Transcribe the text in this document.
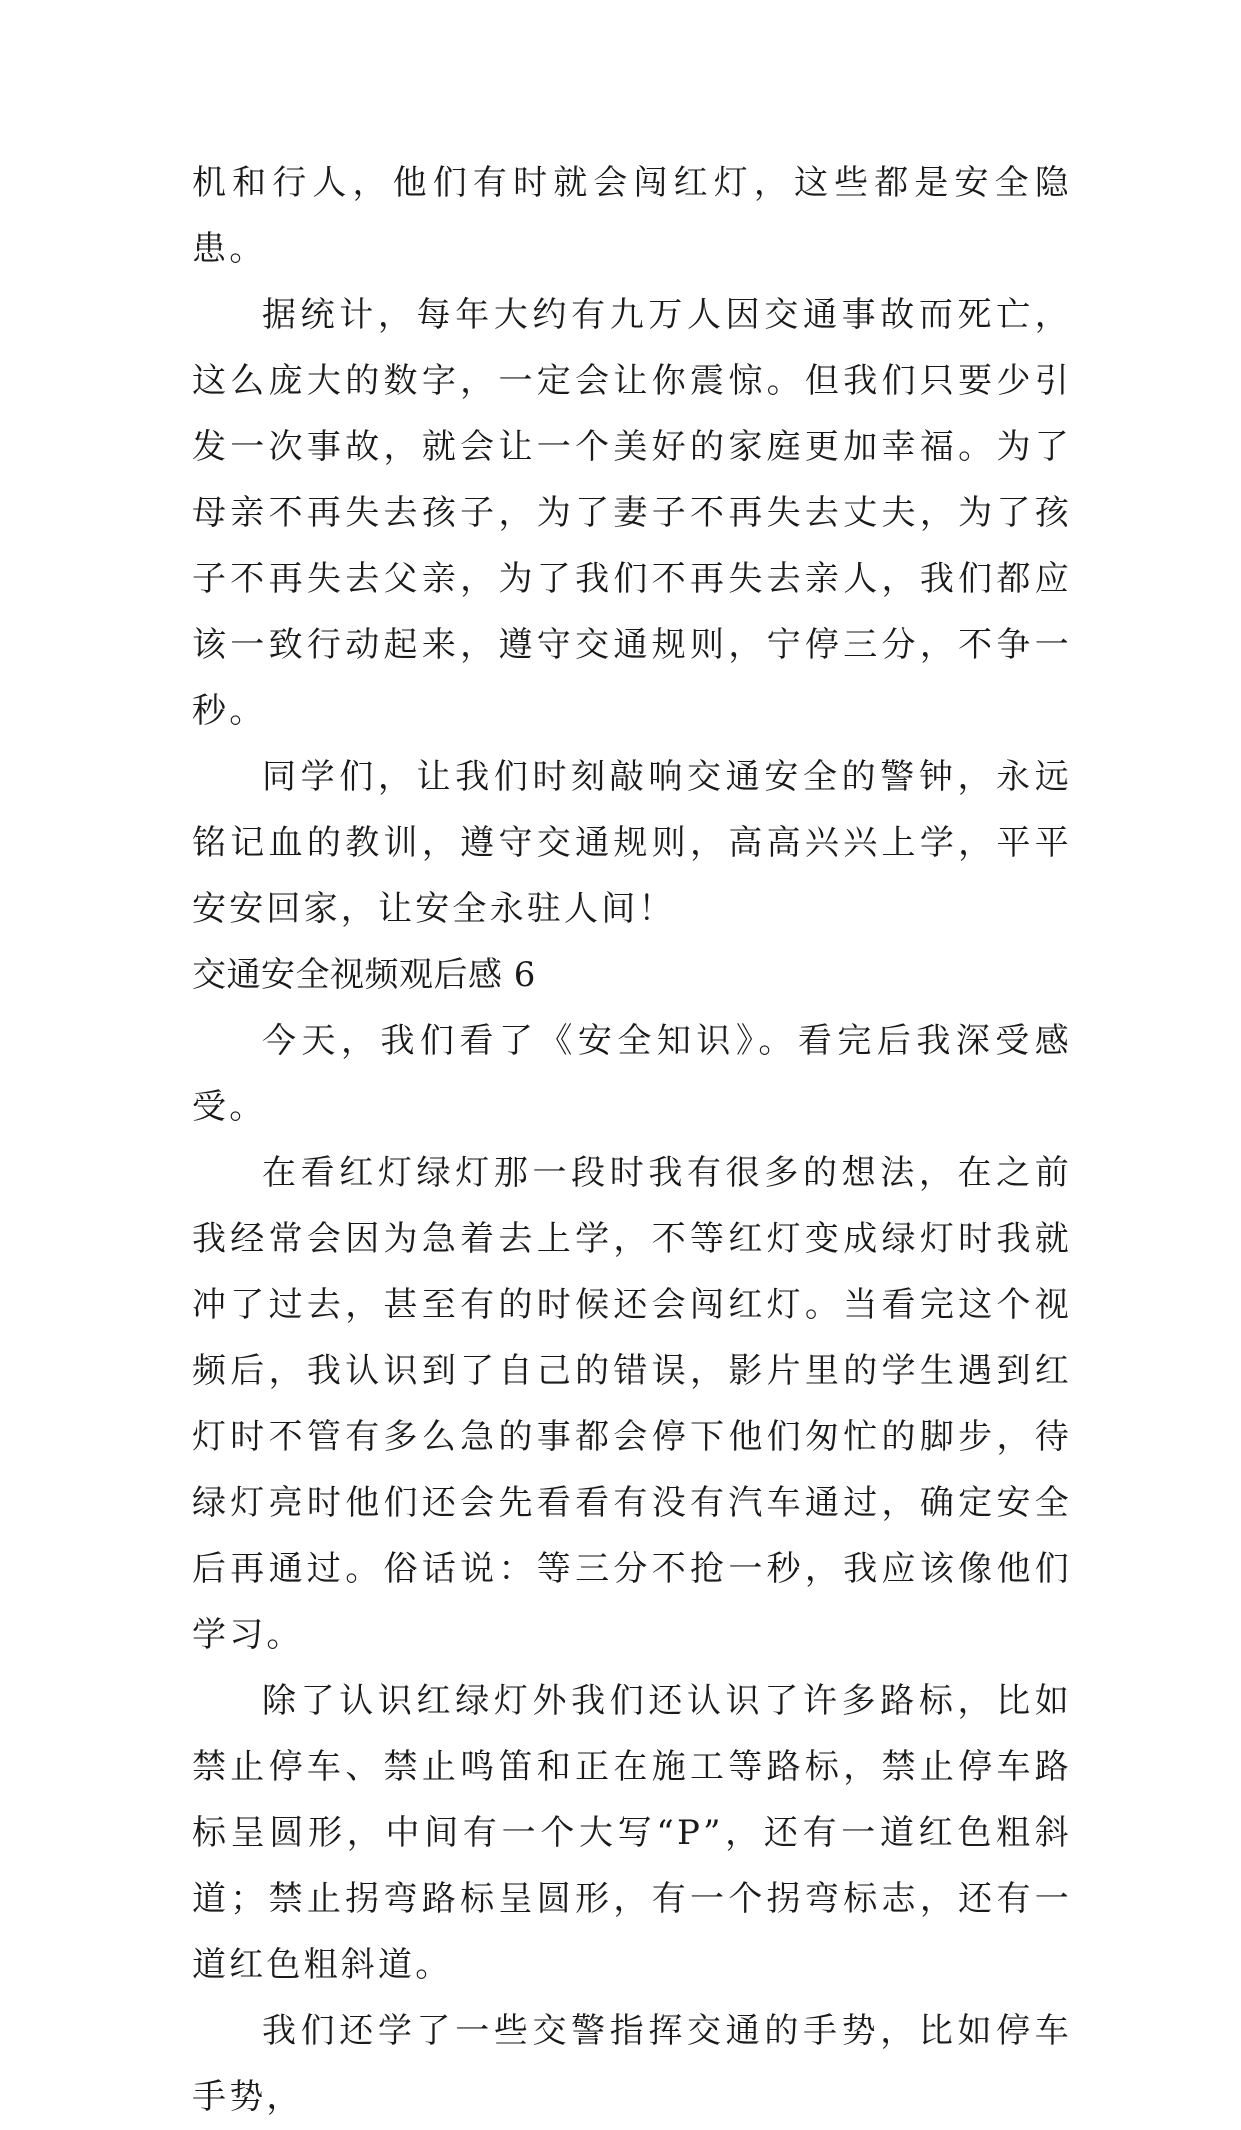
机和行人，他们有时就会闯红灯，这些都是安全隐患。

据统计，每年大约有九万人因交通事故而死亡，这么庞大的数字，一定会让你震惊。但我们只要少引发一次事故，就会让一个美好的家庭更加幸福。为了母亲不再失去孩子，为了妻子不再失去丈夫，为了孩子不再失去父亲，为了我们不再失去亲人，我们都应该一致行动起来，遵守交通规则，宁停三分，不争一秒。

同学们，让我们时刻敲响交通安全的警钟，永远铭记血的教训，遵守交通规则，高高兴兴上学，平平安安回家，让安全永驻人间！

交通安全视频观后感 6

今天，我们看了《安全知识》。看完后我深受感受。

在看红灯绿灯那一段时我有很多的想法，在之前我经常会因为急着去上学，不等红灯变成绿灯时我就冲了过去，甚至有的时候还会闯红灯。当看完这个视频后，我认识到了自己的错误，影片里的学生遇到红灯时不管有多么急的事都会停下他们匆忙的脚步，待绿灯亮时他们还会先看看有没有汽车通过，确定安全后再通过。俗话说：等三分不抢一秒，我应该像他们学习。

除了认识红绿灯外我们还认识了许多路标，比如禁止停车、禁止鸣笛和正在施工等路标，禁止停车路标呈圆形，中间有一个大写“P”，还有一道红色粗斜道；禁止拐弯路标呈圆形，有一个拐弯标志，还有一道红色粗斜道。

我们还学了一些交警指挥交通的手势，比如停车手势，
